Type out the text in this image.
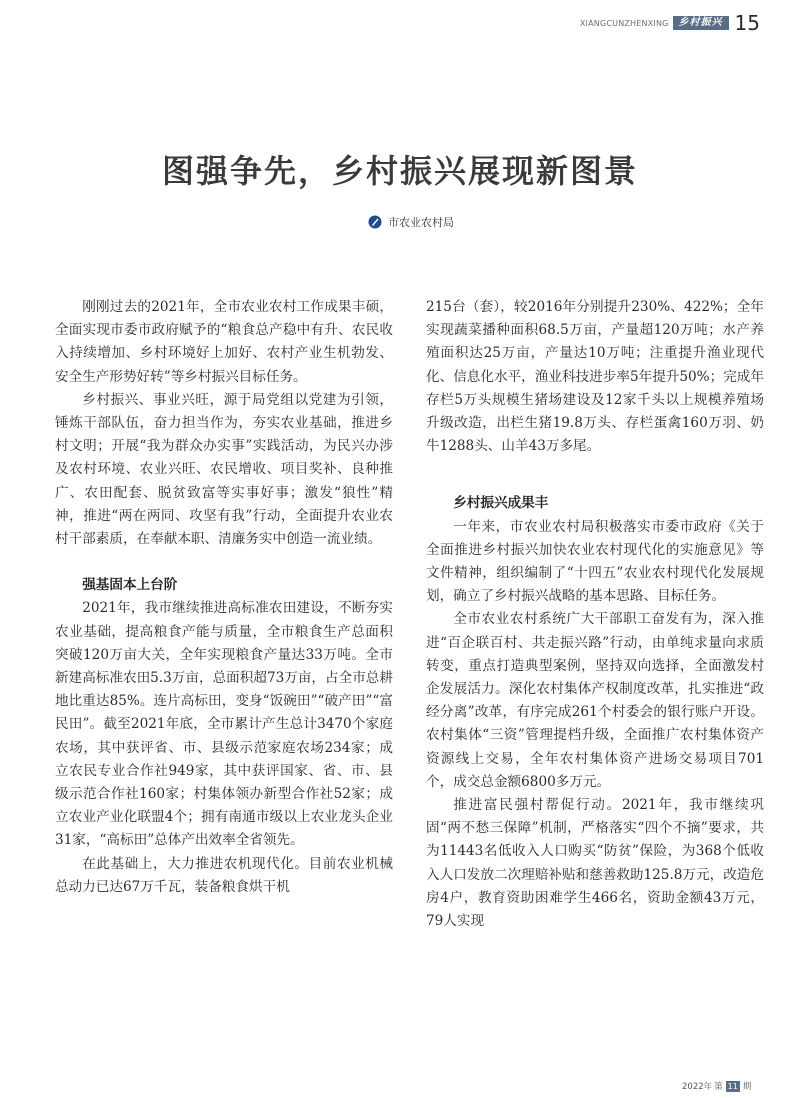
XIANGCUNZHENXING	乡村振兴 15
图强争先，乡村振兴展现新图景
市农业农村局

刚刚过去的2021年，全市农业农村工作成果丰硕，全面实现市委市政府赋予的“粮食总产稳中有升、农民收入持续增加、乡村环境好上加好、农村产业生机勃发、安全生产形势好转”等乡村振兴目标任务。

乡村振兴、事业兴旺，源于局党组以党建为引领，锤炼干部队伍，奋力担当作为，夯实农业基础，推进乡村文明；开展“我为群众办实事”实践活动，为民兴办涉及农村环境、农业兴旺、农民增收、项目奖补、良种推广、农田配套、脱贫致富等实事好事；激发“狼性”精神，推进“两在两同、攻坚有我”行动，全面提升农业农村干部素质，在奉献本职、清廉务实中创造一流业绩。

强基固本上台阶

2021年，我市继续推进高标准农田建设，不断夯实农业基础，提高粮食产能与质量，全市粮食生产总面积突破120万亩大关，全年实现粮食产量达33万吨。全市新建高标准农田5.3万亩，总面积超73万亩，占全市总耕地比重达85%。连片高标田，变身“饭碗田”“破产田”“富民田”。截至2021年底，全市累计产生总计3470个家庭农场，其中获评省、市、县级示范家庭农场234家；成立农民专业合作社949家，其中获评国家、省、市、县级示范合作社160家；村集体领办新型合作社52家；成立农业产业化联盟4个；拥有南通市级以上农业龙头企业31家，“高标田”总体产出效率全省领先。

在此基础上，大力推进农机现代化。目前农业机械总动力已达67万千瓦，装备粮食烘干机

215台（套），较2016年分别提升230%、422%；全年实现蔬菜播种面积68.5万亩，产量超120万吨；水产养殖面积达25万亩，产量达10万吨；注重提升渔业现代化、信息化水平，渔业科技进步率5年提升50%；完成年存栏5万头规模生猪场建设及12家千头以上规模养殖场升级改造，出栏生猪19.8万头、存栏蛋禽160万羽、奶牛1288头、山羊43万多尾。

乡村振兴成果丰

一年来，市农业农村局积极落实市委市政府《关于全面推进乡村振兴加快农业农村现代化的实施意见》等文件精神，组织编制了“十四五”农业农村现代化发展规划，确立了乡村振兴战略的基本思路、目标任务。

全市农业农村系统广大干部职工奋发有为，深入推进“百企联百村、共走振兴路”行动，由单纯求量向求质转变，重点打造典型案例，坚持双向选择，全面激发村企发展活力。深化农村集体产权制度改革，扎实推进“政经分离”改革，有序完成261个村委会的银行账户开设。农村集体“三资”管理提档升级，全面推广农村集体资产资源线上交易，全年农村集体资产进场交易项目701个，成交总金额6800多万元。

推进富民强村帮促行动。2021年，我市继续巩固“两不愁三保障”机制，严格落实“四个不摘”要求，共为11443名低收入人口购买“防贫”保险，为368个低收入人口发放二次理赔补贴和慈善救助125.8万元，改造危房4户，教育资助困难学生466名，资助金额43万元，79人实现

2022年 第 11 期
